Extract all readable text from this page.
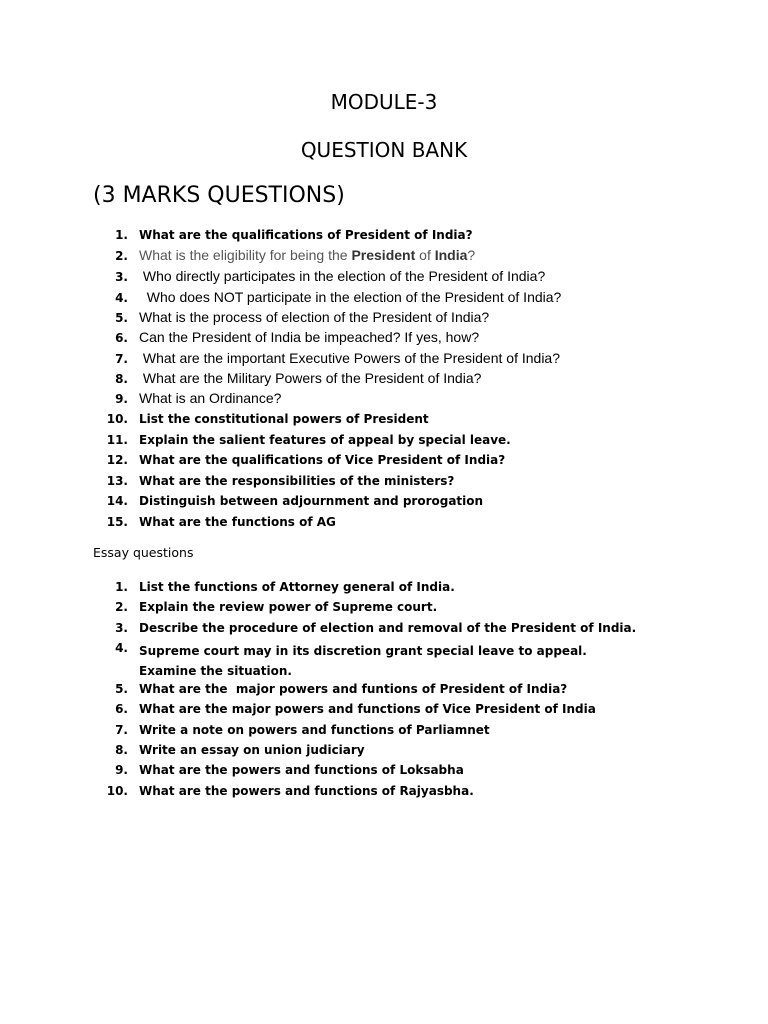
MODULE-3
QUESTION BANK
(3 MARKS QUESTIONS)
1. What are the qualifications of President of India?
2. What is the eligibility for being the President of India?
3. Who directly participates in the election of the President of India?
4. Who does NOT participate in the election of the President of India?
5. What is the process of election of the President of India?
6. Can the President of India be impeached? If yes, how?
7. What are the important Executive Powers of the President of India?
8. What are the Military Powers of the President of India?
9. What is an Ordinance?
10. List the constitutional powers of President
11. Explain the salient features of appeal by special leave.
12. What are the qualifications of Vice President of India?
13. What are the responsibilities of the ministers?
14. Distinguish between adjournment and prorogation
15. What are the functions of AG
Essay questions
1. List the functions of Attorney general of India.
2. Explain the review power of Supreme court.
3. Describe the procedure of election and removal of the President of India.
4. Supreme court may in its discretion grant special leave to appeal. Examine the situation.
5. What are the  major powers and funtions of President of India?
6. What are the major powers and functions of Vice President of India
7. Write a note on powers and functions of Parliamnet
8. Write an essay on union judiciary
9. What are the powers and functions of Loksabha
10. What are the powers and functions of Rajyasbha.
